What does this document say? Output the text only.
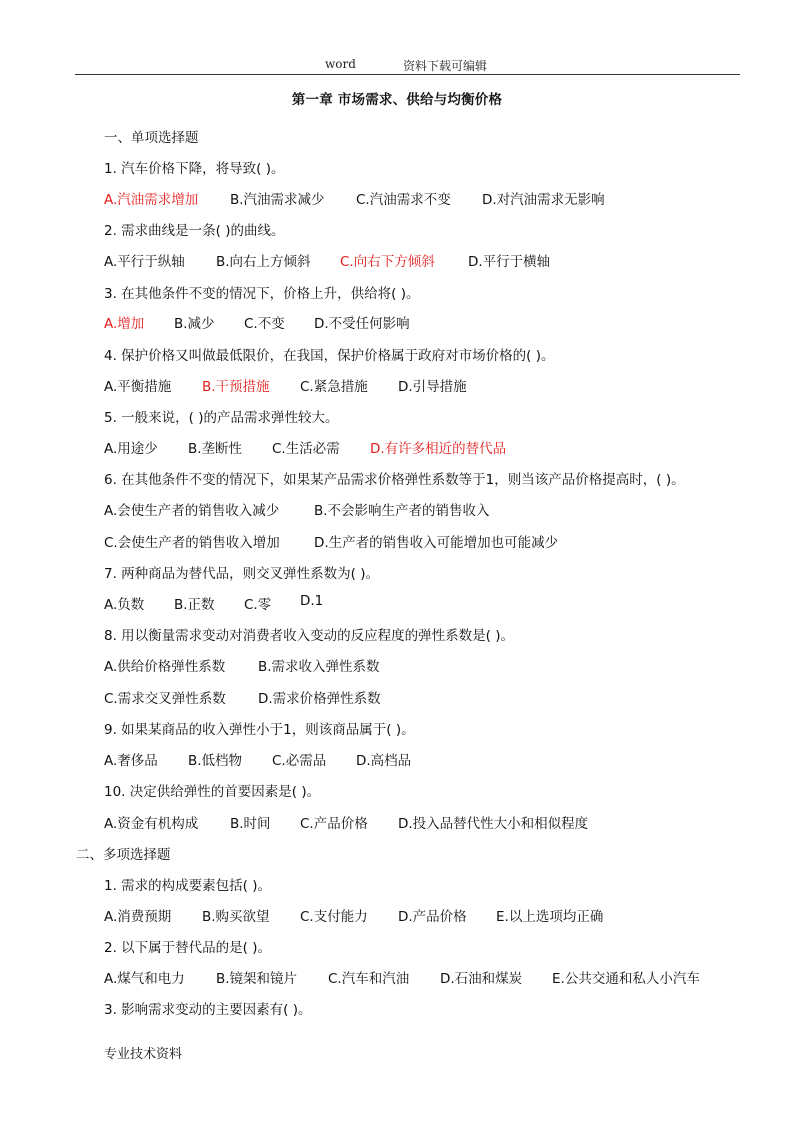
word	资料下载可编辑
第一章 市场需求、供给与均衡价格
一、单项选择题
1. 汽车价格下降，将导致( )。
A.汽油需求增加 B.汽油需求减少 C.汽油需求不变 D.对汽油需求无影响
2. 需求曲线是一条( )的曲线。
A.平行于纵轴 B.向右上方倾斜 C.向右下方倾斜 D.平行于横轴
3. 在其他条件不变的情况下，价格上升，供给将( )。
A.增加 B.减少 C.不变 D.不受任何影响
4. 保护价格又叫做最低限价，在我国，保护价格属于政府对市场价格的( )。
A.平衡措施 B.干预措施 C.紧急措施 D.引导措施
5. 一般来说，( )的产品需求弹性较大。
A.用途少 B.垄断性 C.生活必需 D.有许多相近的替代品
6. 在其他条件不变的情况下，如果某产品需求价格弹性系数等于1，则当该产品价格提高时，( )。
A.会使生产者的销售收入减少	B.不会影响生产者的销售收入
C.会使生产者的销售收入增加	D.生产者的销售收入可能增加也可能减少
7. 两种商品为替代品，则交叉弹性系数为( )。
A.负数 B.正数 C.零 D.1
8. 用以衡量需求变动对消费者收入变动的反应程度的弹性系数是( )。
A.供给价格弹性系数 B.需求收入弹性系数
C.需求交叉弹性系数 D.需求价格弹性系数
9. 如果某商品的收入弹性小于1，则该商品属于( )。
A.奢侈品 B.低档物 C.必需品 D.高档品
10. 决定供给弹性的首要因素是( )。
A.资金有机构成 B.时间 C.产品价格 D.投入品替代性大小和相似程度
二、多项选择题
1. 需求的构成要素包括( )。
A.消费预期 B.购买欲望 C.支付能力 D.产品价格 E.以上选项均正确
2. 以下属于替代品的是( )。
A.煤气和电力 B.镜架和镜片 C.汽车和汽油 D.石油和煤炭 E.公共交通和私人小汽车
3. 影响需求变动的主要因素有( )。
专业技术资料
